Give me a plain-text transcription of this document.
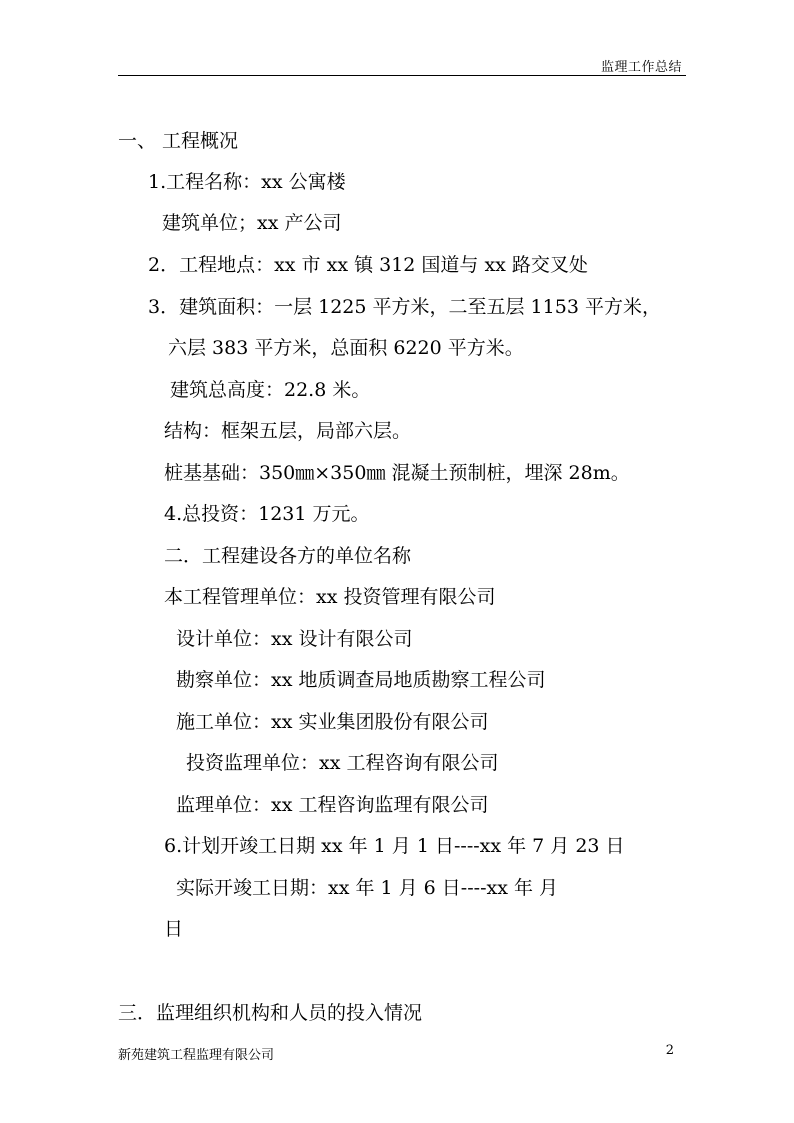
监理工作总结
一、 工程概况
1.工程名称：xx 公寓楼
建筑单位；xx 产公司
2．工程地点：xx 市 xx 镇 312 国道与 xx 路交叉处
3．建筑面积：一层 1225 平方米，二至五层 1153 平方米，
六层 383 平方米，总面积 6220 平方米。
建筑总高度：22.8 米。
结构：框架五层，局部六层。
桩基基础：350㎜×350㎜ 混凝土预制桩，埋深 28m。
4.总投资：1231 万元。
二．工程建设各方的单位名称
本工程管理单位：xx 投资管理有限公司
设计单位：xx 设计有限公司
勘察单位：xx 地质调查局地质勘察工程公司
施工单位：xx 实业集团股份有限公司
投资监理单位：xx 工程咨询有限公司
监理单位：xx 工程咨询监理有限公司
6.计划开竣工日期 xx 年 1 月 1 日----xx 年 7 月 23 日
实际开竣工日期：xx 年 1 月 6 日----xx 年 月
日
三．监理组织机构和人员的投入情况
新苑建筑工程监理有限公司	2
